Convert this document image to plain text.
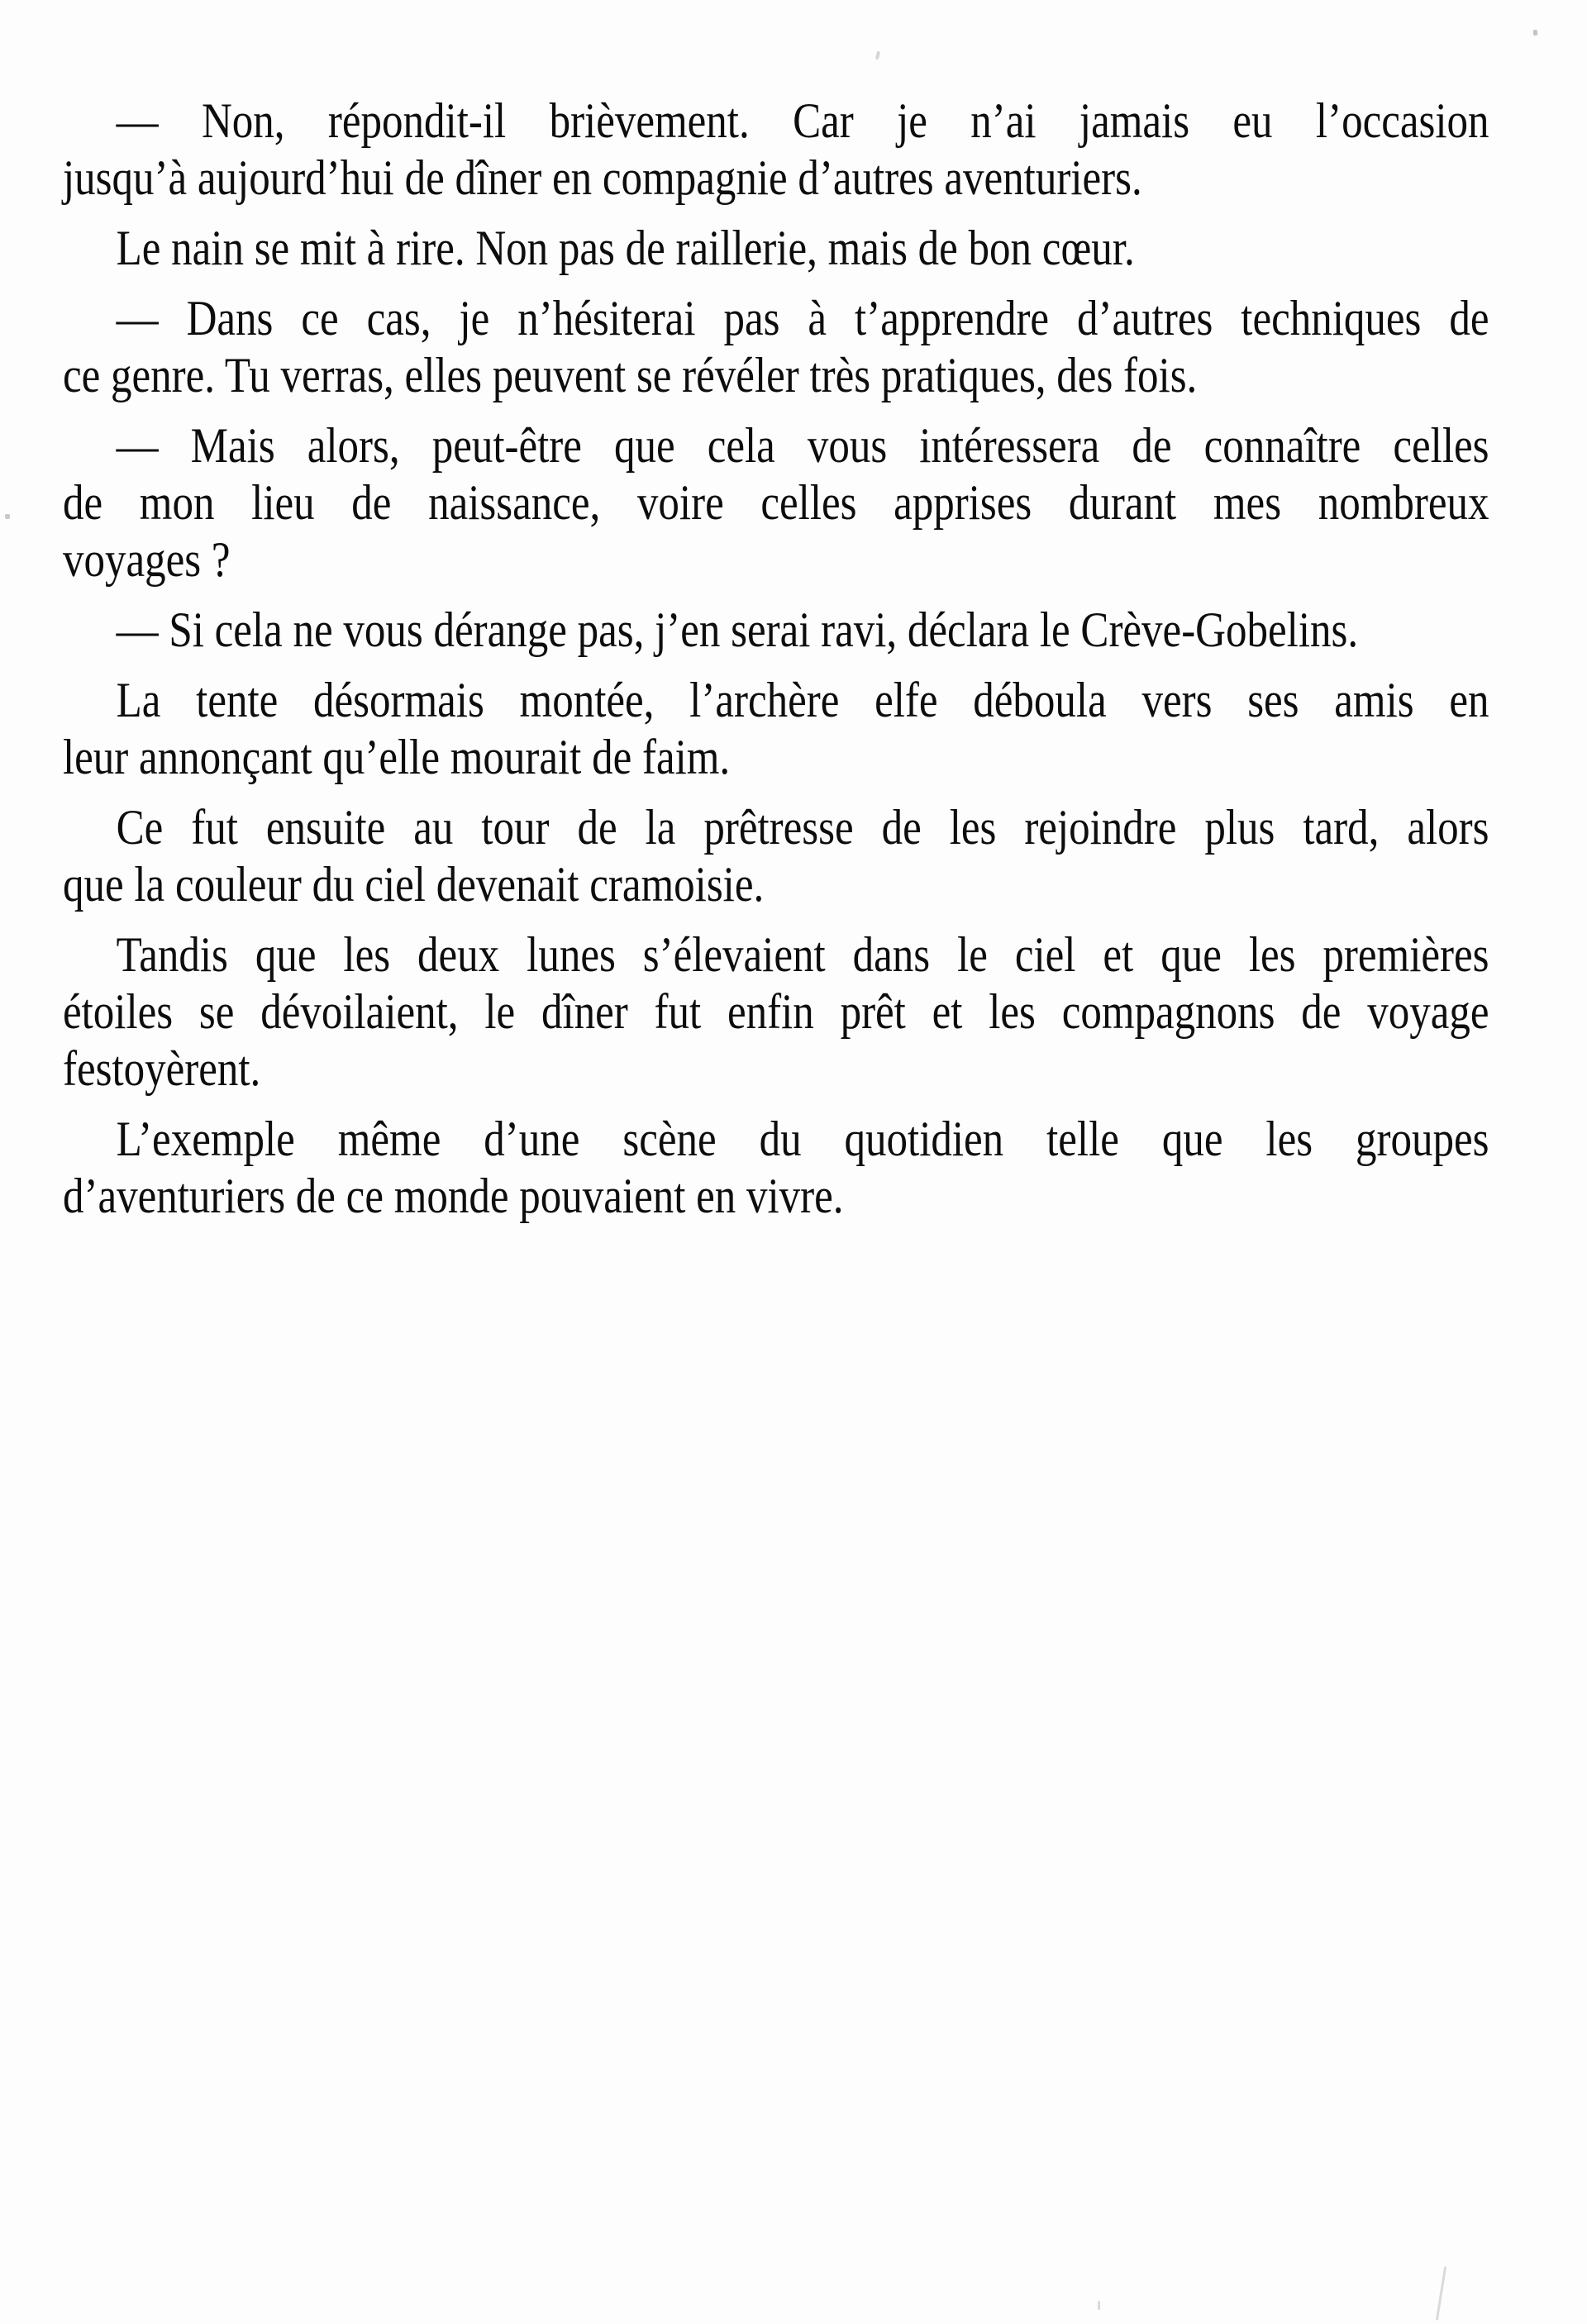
— Non, répondit-il brièvement. Car je n’ai jamais eu l’occasion
jusqu’à aujourd’hui de dîner en compagnie d’autres aventuriers.
Le nain se mit à rire. Non pas de raillerie, mais de bon cœur.
— Dans ce cas, je n’hésiterai pas à t’apprendre d’autres techniques de
ce genre. Tu verras, elles peuvent se révéler très pratiques, des fois.
— Mais alors, peut-être que cela vous intéressera de connaître celles
de mon lieu de naissance, voire celles apprises durant mes nombreux
voyages ?
— Si cela ne vous dérange pas, j’en serai ravi, déclara le Crève-Gobelins.
La tente désormais montée, l’archère elfe déboula vers ses amis en
leur annonçant qu’elle mourait de faim.
Ce fut ensuite au tour de la prêtresse de les rejoindre plus tard, alors
que la couleur du ciel devenait cramoisie.
Tandis que les deux lunes s’élevaient dans le ciel et que les premières
étoiles se dévoilaient, le dîner fut enfin prêt et les compagnons de voyage
festoyèrent.
L’exemple même d’une scène du quotidien telle que les groupes
d’aventuriers de ce monde pouvaient en vivre.
